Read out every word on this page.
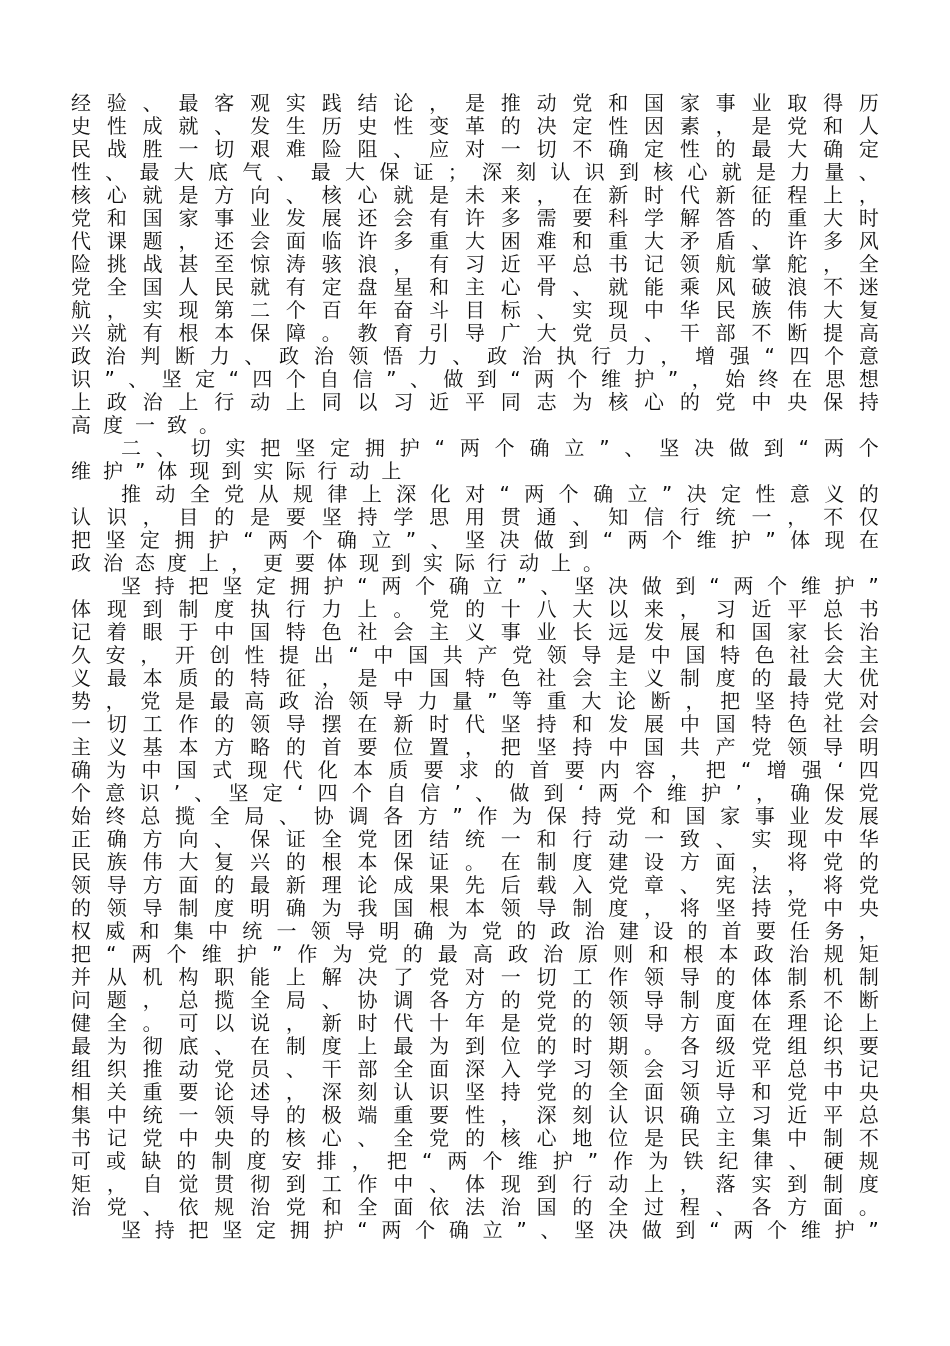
经 验 、 最 客 观 实 践 结 论 ， 是 推 动 党 和 国 家 事 业 取 得 历
史 性 成 就 、 发 生 历 史 性 变 革 的 决 定 性 因 素 ， 是 党 和 人
民 战 胜 一 切 艰 难 险 阻 、 应 对 一 切 不 确 定 性 的 最 大 确 定
性 、 最 大 底 气 、 最 大 保 证 ； 深 刻 认 识 到 核 心 就 是 力 量 、
核 心 就 是 方 向 、 核 心 就 是 未 来 ， 在 新 时 代 新 征 程 上 ，
党 和 国 家 事 业 发 展 还 会 有 许 多 需 要 科 学 解 答 的 重 大 时
代 课 题 ， 还 会 面 临 许 多 重 大 困 难 和 重 大 矛 盾 、 许 多 风
险 挑 战 甚 至 惊 涛 骇 浪 ， 有 习 近 平 总 书 记 领 航 掌 舵 ， 全
党 全 国 人 民 就 有 定 盘 星 和 主 心 骨 、 就 能 乘 风 破 浪 不 迷
航 ， 实 现 第 二 个 百 年 奋 斗 目 标 、 实 现 中 华 民 族 伟 大 复
兴 就 有 根 本 保 障 。 教 育 引 导 广 大 党 员 、 干 部 不 断 提 高
政 治 判 断 力 、 政 治 领 悟 力 、 政 治 执 行 力 ， 增 强 “ 四 个 意
识 ” 、 坚 定 “ 四 个 自 信 ” 、 做 到 “ 两 个 维 护 ” ， 始 终 在 思 想
上 政 治 上 行 动 上 同 以 习 近 平 同 志 为 核 心 的 党 中 央 保 持
高度一致。
二 、 切 实 把 坚 定 拥 护 “ 两 个 确 立 ” 、 坚 决 做 到 “ 两 个
维护”体现到实际行动上
推 动 全 党 从 规 律 上 深 化 对 “ 两 个 确 立 ” 决 定 性 意 义 的
认 识 ， 目 的 是 要 坚 持 学 思 用 贯 通 、 知 信 行 统 一 ， 不 仅
把 坚 定 拥 护 “ 两 个 确 立 ” 、 坚 决 做 到 “ 两 个 维 护 ” 体 现 在
政治态度上，更要体现到实际行动上。
坚 持 把 坚 定 拥 护 “ 两 个 确 立 ” 、 坚 决 做 到 “ 两 个 维 护 ”
体 现 到 制 度 执 行 力 上 。 党 的 十 八 大 以 来 ， 习 近 平 总 书
记 着 眼 于 中 国 特 色 社 会 主 义 事 业 长 远 发 展 和 国 家 长 治
久 安 ， 开 创 性 提 出 “ 中 国 共 产 党 领 导 是 中 国 特 色 社 会 主
义 最 本 质 的 特 征 ， 是 中 国 特 色 社 会 主 义 制 度 的 最 大 优
势 ， 党 是 最 高 政 治 领 导 力 量 ” 等 重 大 论 断 ， 把 坚 持 党 对
一 切 工 作 的 领 导 摆 在 新 时 代 坚 持 和 发 展 中 国 特 色 社 会
主 义 基 本 方 略 的 首 要 位 置 ， 把 坚 持 中 国 共 产 党 领 导 明
确 为 中 国 式 现 代 化 本 质 要 求 的 首 要 内 容 ， 把 “ 增 强 ‘ 四
个 意 识 ’ 、 坚 定 ‘ 四 个 自 信 ’ 、 做 到 ‘ 两 个 维 护 ’ ， 确 保 党
始 终 总 揽 全 局 、 协 调 各 方 ” 作 为 保 持 党 和 国 家 事 业 发 展
正 确 方 向 、 保 证 全 党 团 结 统 一 和 行 动 一 致 、 实 现 中 华
民 族 伟 大 复 兴 的 根 本 保 证 。 在 制 度 建 设 方 面 ， 将 党 的
领 导 方 面 的 最 新 理 论 成 果 先 后 载 入 党 章 、 宪 法 ， 将 党
的 领 导 制 度 明 确 为 我 国 根 本 领 导 制 度 ， 将 坚 持 党 中 央
权 威 和 集 中 统 一 领 导 明 确 为 党 的 政 治 建 设 的 首 要 任 务 ，
把 “ 两 个 维 护 ” 作 为 党 的 最 高 政 治 原 则 和 根 本 政 治 规 矩
并 从 机 构 职 能 上 解 决 了 党 对 一 切 工 作 领 导 的 体 制 机 制
问 题 ， 总 揽 全 局 、 协 调 各 方 的 党 的 领 导 制 度 体 系 不 断
健 全 。 可 以 说 ， 新 时 代 十 年 是 党 的 领 导 方 面 在 理 论 上
最 为 彻 底 、 在 制 度 上 最 为 到 位 的 时 期 。 各 级 党 组 织 要
组 织 推 动 党 员 、 干 部 全 面 深 入 学 习 领 会 习 近 平 总 书 记
相 关 重 要 论 述 ， 深 刻 认 识 坚 持 党 的 全 面 领 导 和 党 中 央
集 中 统 一 领 导 的 极 端 重 要 性 ， 深 刻 认 识 确 立 习 近 平 总
书 记 党 中 央 的 核 心 、 全 党 的 核 心 地 位 是 民 主 集 中 制 不
可 或 缺 的 制 度 安 排 ， 把 “ 两 个 维 护 ” 作 为 铁 纪 律 、 硬 规
矩 ， 自 觉 贯 彻 到 工 作 中 、 体 现 到 行 动 上 ， 落 实 到 制 度
治 党 、 依 规 治 党 和 全 面 依 法 治 国 的 全 过 程 、 各 方 面 。
坚 持 把 坚 定 拥 护 “ 两 个 确 立 ” 、 坚 决 做 到 “ 两 个 维 护 ”
